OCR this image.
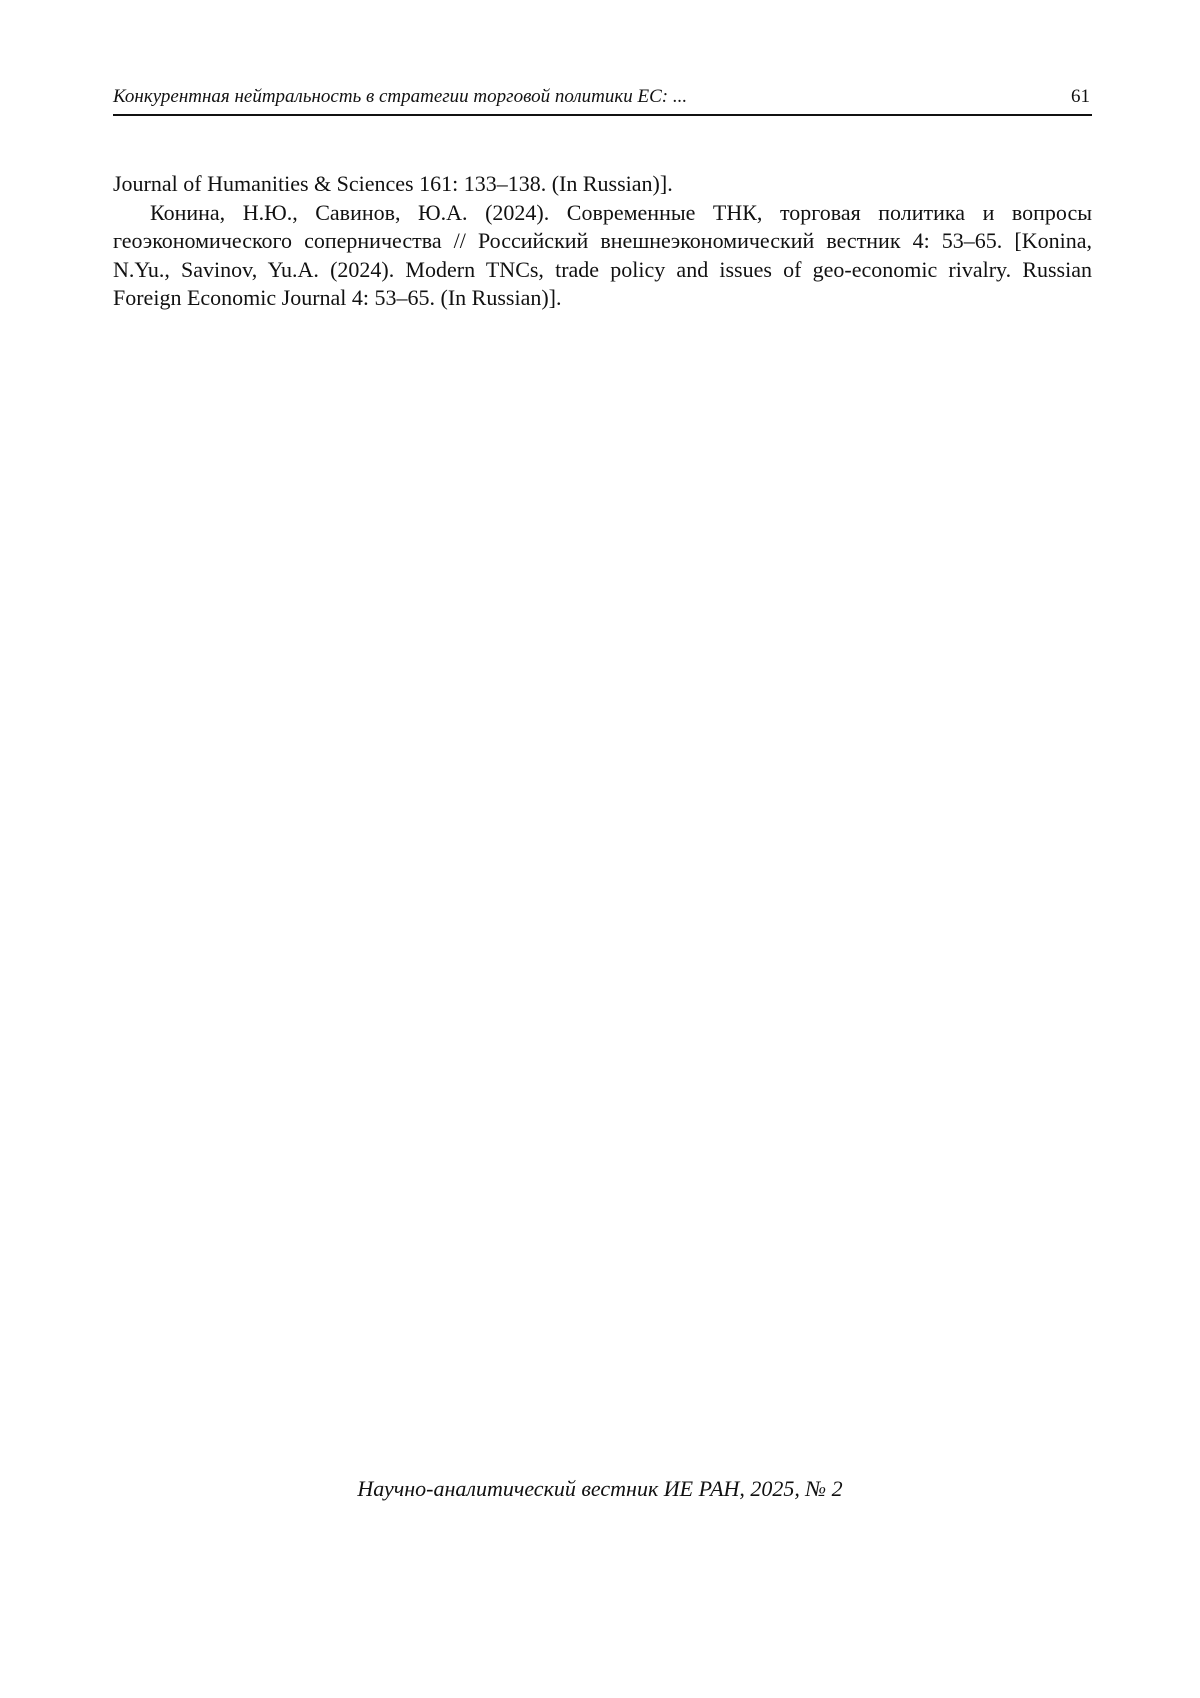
Конкурентная нейтральность в стратегии торговой политики ЕС: ...	61

Journal of Humanities & Sciences 161: 133–138. (In Russian)].

Конина, Н.Ю., Савинов, Ю.А. (2024). Современные ТНК, торговая политика и вопросы геоэкономического соперничества // Российский внешнеэкономический вестник 4: 53–65. [Konina, N.Yu., Savinov, Yu.A. (2024). Modern TNCs, trade policy and issues of geo-economic rivalry. Russian Foreign Economic Journal 4: 53–65. (In Russian)].

Научно-аналитический вестник ИЕ РАН, 2025, № 2
